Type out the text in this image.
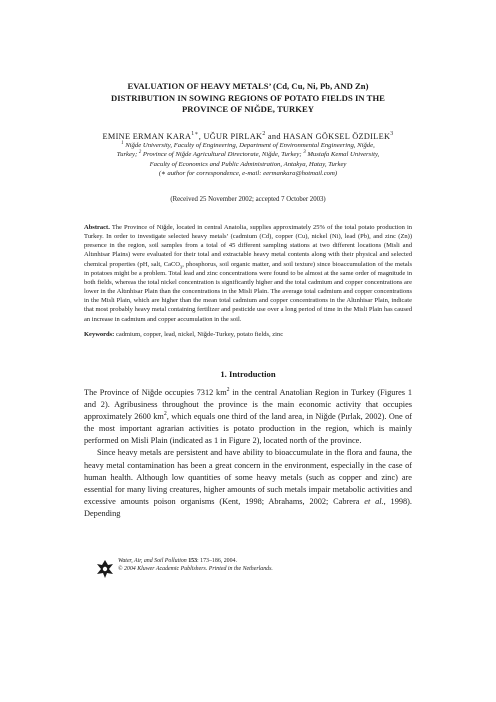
EVALUATION OF HEAVY METALS’ (Cd, Cu, Ni, Pb, AND Zn)
DISTRIBUTION IN SOWING REGIONS OF POTATO FIELDS IN THE
PROVINCE OF NIĞDE, TURKEY
EMINE ERMAN $KARA^{1∗}$, UĞUR PIRLAK$^2$ and HASAN GÖKSEL ÖZDILEK$^3$
$^1$ Niğde University, Faculty of Engineering, Department of Environmental Engineering, Niğde,
Turkey; $^2$ Province of Niğde Agricultural Directorate, Niğde, Turkey; $^3$ Mustafa Kemal University,
Faculty of Economics and Public Administration, Antakya, Hatay, Turkey
(∗ author for correspondence, e-mail: eermankara@hotmail.com)
(Received 25 November 2002; accepted 7 October 2003)
Abstract. The Province of Niğde, located in central Anatolia, supplies approximately 25% of the total potato production in Turkey. In order to investigate selected heavy metals’ (cadmium (Cd), copper (Cu), nickel (Ni), lead (Pb), and zinc (Zn)) presence in the region, soil samples from a total of 45 different sampling stations at two different locations (Misli and Altınhisar Plains) were evaluated for their total and extractable heavy metal contents along with their physical and selected chemical properties (pH, salt, CaCO$_3$, phosphorus, soil organic matter, and soil texture) since bioaccumulation of the metals in potatoes might be a problem. Total lead and zinc concentrations were found to be almost at the same order of magnitude in both fields, whereas the total nickel concentration is significantly higher and the total cadmium and copper concentrations are lower in the Altınhisar Plain than the concentrations in the Misli Plain. The average total cadmium and copper concentrations in the Misli Plain, which are higher than the mean total cadmium and copper concentrations in the Altınhisar Plain, indicate that most probably heavy metal containing fertilizer and pesticide use over a long period of time in the Misli Plain has caused an increase in cadmium and copper accumulation in the soil.
Keywords: cadmium, copper, lead, nickel, Niğde-Turkey, potato fields, zinc
1. Introduction

The Province of Niğde occupies 7312 $km^2$ in the central Anatolian Region in Turkey (Figures 1 and 2). Agribusiness throughout the province is the main economic activity that occupies approximately 2600 $km^2$, which equals one third of the land area, in Niğde (Pırlak, 2002). One of the most important agrarian activities is potato production in the region, which is mainly performed on Misli Plain (indicated as 1 in Figure 2), located north of the province.

Since heavy metals are persistent and have ability to bioaccumulate in the flora and fauna, the heavy metal contamination has been a great concern in the environment, especially in the case of human health. Although low quantities of some heavy metals (such as copper and zinc) are essential for many living creatures, higher amounts of such metals impair metabolic activities and excessive amounts poison organisms (Kent, 1998; Abrahams, 2002; Cabrera et al., 1998). Depending

Water, Air, and Soil Pollution 153: 173–186, 2004.
© 2004 Kluwer Academic Publishers. Printed in the Netherlands.
